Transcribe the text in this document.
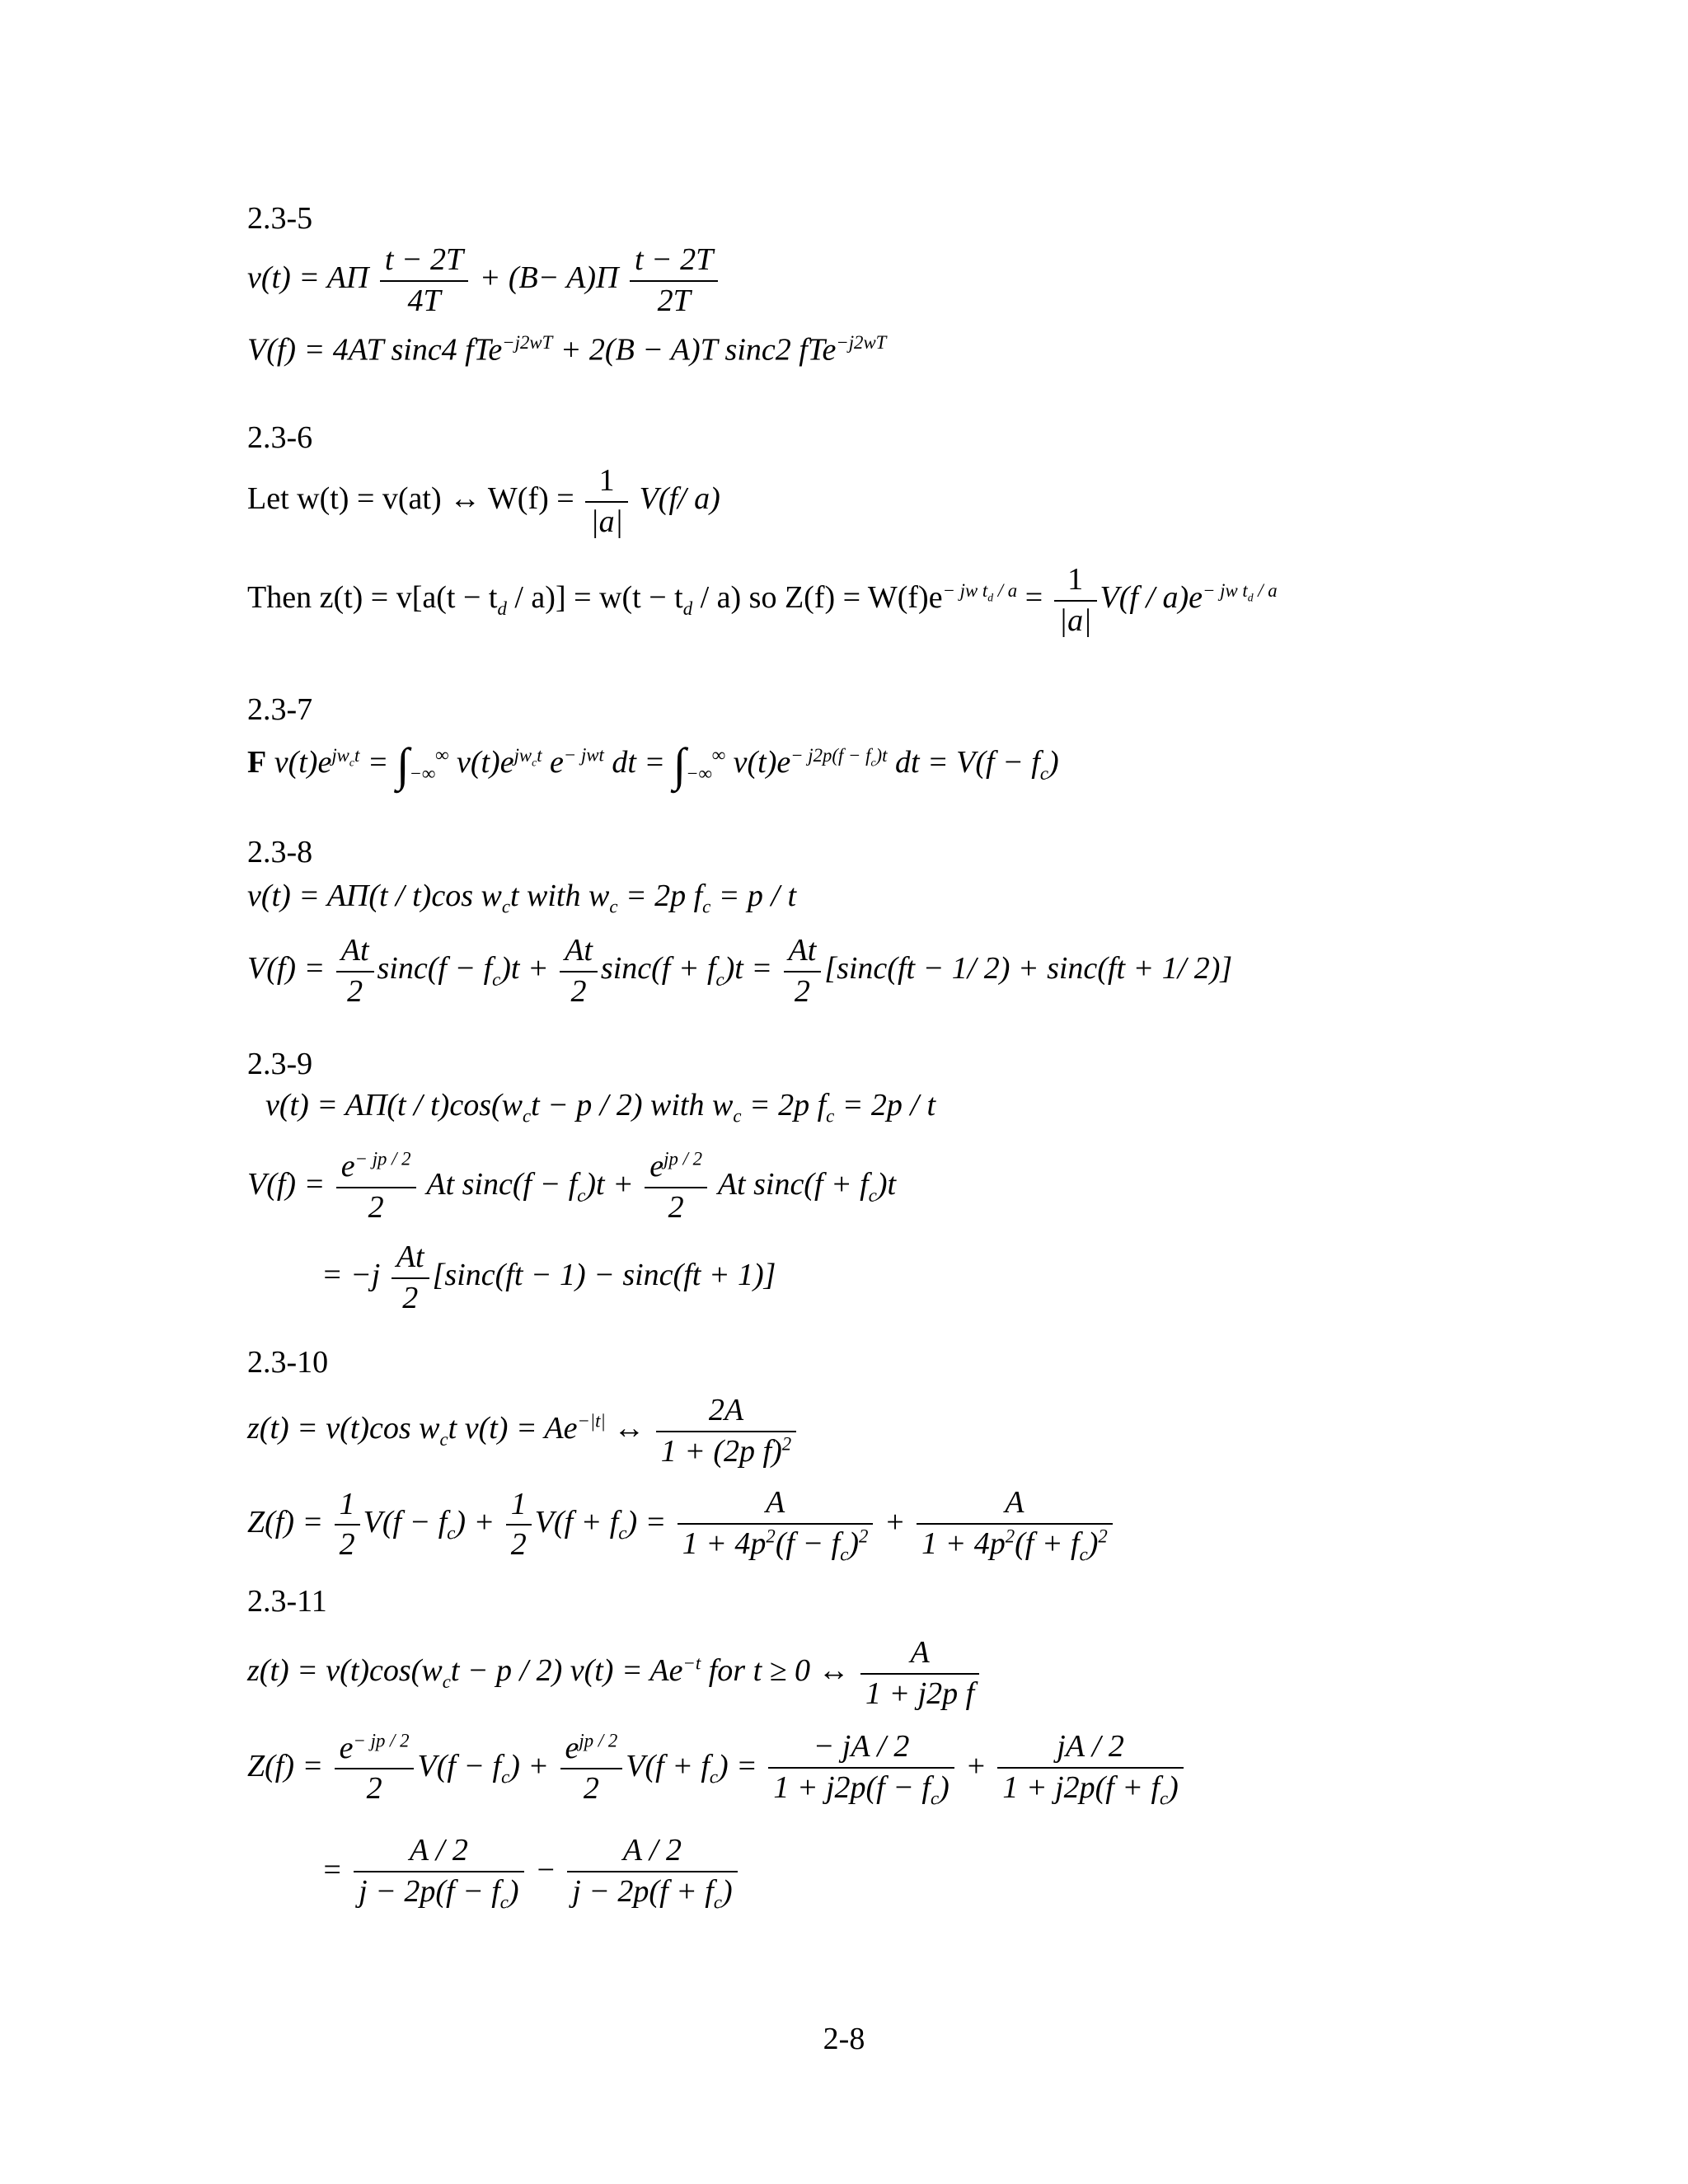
2.3-5
v(t) = AΠ $\frac{t - 2T}{4T} + (B- A)\Pi \frac{t - 2T}{2T}$
V(f) = 4AT sinc4 fTe$^{-j2wT}$ + 2(B − A)T sinc2 fTe$^{-j2wT}$
2.3-6
Let w(t) = v(at) ↔ $W(f) = \frac{1}{|a|} V(f/$ a)
Then $z(t) = v[a(t - t_d / a)] = w(t - t_d / a)$ so $Z(f) = W(f)e^{- jw t_d / a} = \frac{1}{|a|} V(f / a)e^{- jw t_d / a}$
2.3-7
F $v(t)e^{jw_ct} = \int_{-\infty}^\infty$ $v(t)e^{jw_ct}$ $e^{- jwt}$ dt = $\int_{-\infty}^\infty$ $v(t)e^{- j2p(f - f_c)t}$ dt = $V(f - f_c)$
2.3-8
v(t) = AΠ(t / t)cos $w_ct$ with $w_c = 2p$ $f_c = p / t$
$V(f) = \frac{At}{2} \sin c(f - f_c)t + \frac{At}{2} \sin c(f + f_c)t = \frac{At}{2} [\sin c(ft - 1/$ 2) + sinc(ft + 1/ 2)]
2.3-9
$v(t) = A\Pi(t / t)\cos(w_ct - p / 2)$ with $w_c = 2p$ $f_c = 2p / t$
$V(f) = \frac{e^{- jp / 2}}{2}$ At $\sin c(f - f_c)t + \frac{e^{jp / 2}}{2}$ At $\sin c(f + f_c)t$
= $-j \frac{At}{2} [\sin c(ft - 1) - \sin c(ft + 1)]$
2.3-10
z(t) = v(t)cos $w_ct$ $v(t) = Ae^{-|t|}$ ↔ $\frac{2A}{1 + (2p f)^2}$
$Z(f) = \frac{1}{2} V(f - f_c) + \frac{1}{2} V(f + f_c) = \frac{A}{1 + 4p^2(f - f_c)^2} + \frac{A}{1 + 4p^2(f + f_c)^2}$
2.3-11
$z(t) = v(t)\cos(w_ct - p / 2) v(t) = Ae^{-t}$ for t ≥ 0 ↔ $\frac{A}{\text{1 + j2p f}}$
$Z(f) = \frac{e^{- jp / 2}}{2} V(f - f_c) + \frac{e^{jp / 2}}{2} V(f + f_c) = \frac{- jA / 2}{1 + j2p(f - f_c)} + \frac{jA / 2}{1 + j2p(f + f_c)}$
= $\frac{A / 2}{j - 2p(f - f_c)} - \frac{A / 2}{j - 2p(f + f_c)}$
2-8
